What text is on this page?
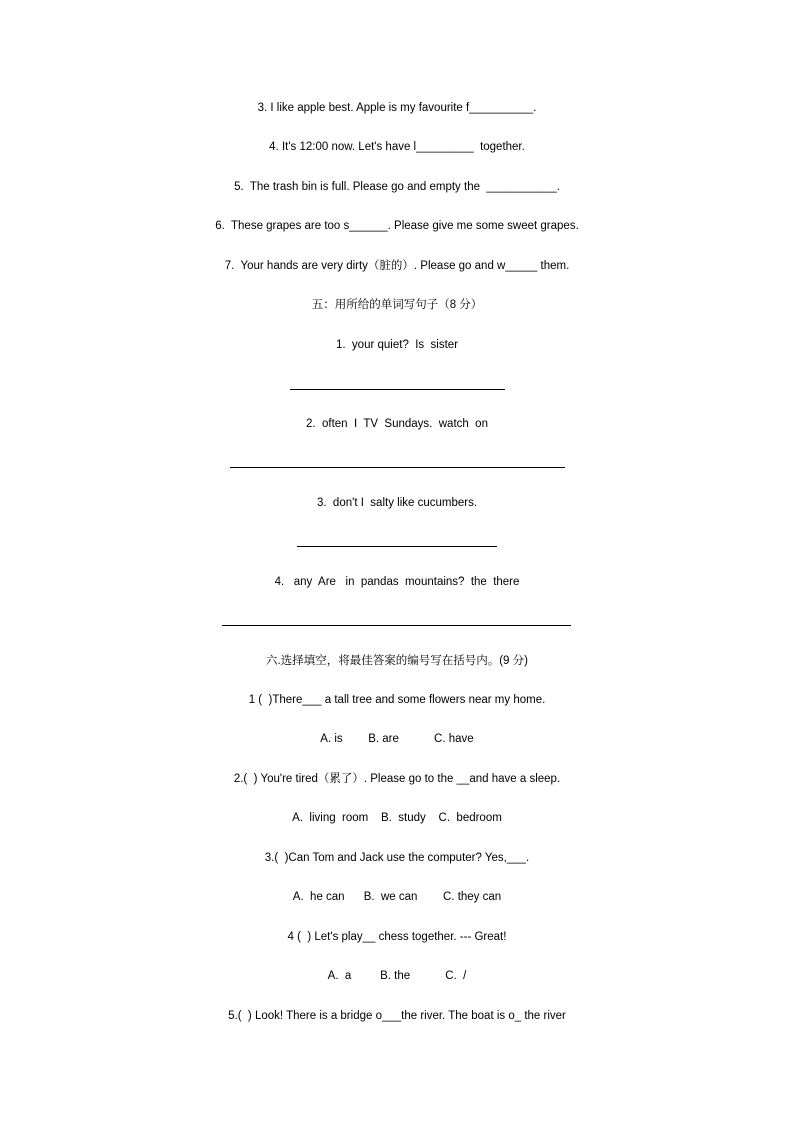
3. I like apple best. Apple is my favourite f__________.
4. It's 12:00 now. Let's have l_________  together.
5.  The trash bin is full. Please go and empty the  ___________.
6.  These grapes are too s______. Please give me some sweet grapes.
7.  Your hands are very dirty（脏的）. Please go and w_____ them.
五：用所给的单词写句子（8 分）
1.  your quiet?  Is  sister
2.  often  I  TV  Sundays.  watch  on
3.  don't I  salty like cucumbers.
4.   any  Are   in  pandas  mountains?  the  there
六.选择填空，将最佳答案的编号写在括号内。(9 分)
1 (  )There___ a tall tree and some flowers near my home.
A. is        B. are           C. have
2.(  ) You're tired（累了）. Please go to the __and have a sleep.
A.  living  room    B.  study    C.  bedroom
3.(  )Can Tom and Jack use the computer? Yes,___.
A.  he can      B.  we can        C. they can
4 (  ) Let's play__ chess together. --- Great!
A.  a         B. the           C.  /
5.(  ) Look! There is a bridge o___the river. The boat is o_ the river
